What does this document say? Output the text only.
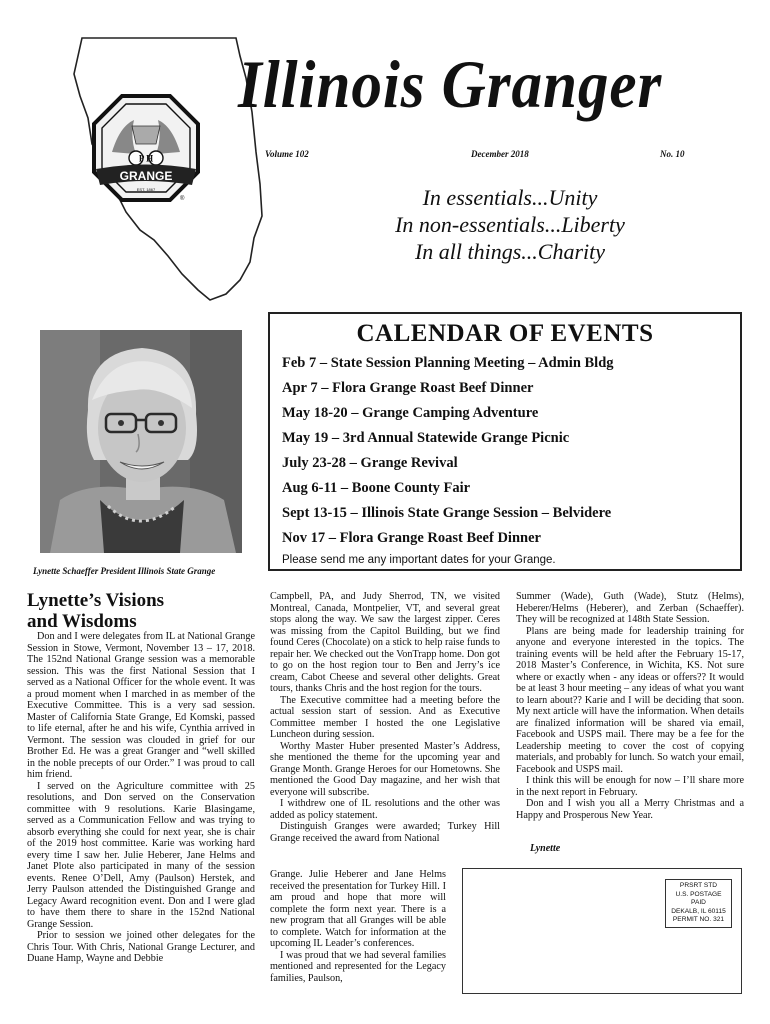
P H
GRANGE
EST. 1867
®
Illinois Granger
Volume 102	December 2018	No. 10
In essentials...Unity
In non-essentials...Liberty
In all things...Charity
Lynette Schaeffer President Illinois State Grange
CALENDAR OF EVENTS
Feb 7 – State Session Planning Meeting – Admin Bldg
Apr 7 – Flora Grange Roast Beef Dinner
May 18-20 – Grange Camping Adventure
May 19 – 3rd Annual Statewide Grange Picnic
July 23-28 – Grange Revival
Aug 6-11 – Boone County Fair
Sept 13-15 – Illinois State Grange Session – Belvidere
Nov 17 – Flora Grange Roast Beef Dinner
Please send me any important dates for your Grange.
Lynette’s Visions
and Wisdoms

Don and I were delegates from IL at National Grange Session in Stowe, Vermont, November 13 – 17, 2018. The 152nd National Grange session was a memorable session. This was the first National Session that I served as a National Officer for the whole event. It was a proud moment when I marched in as member of the Executive Committee. This is a very sad session. Master of California State Grange, Ed Komski, passed to life eternal, after he and his wife, Cynthia arrived in Vermont. The session was clouded in grief for our Brother Ed. He was a great Granger and “well skilled in the noble precepts of our Order.” I was proud to call him friend.

I served on the Agriculture committee with 25 resolutions, and Don served on the Conservation committee with 9 resolutions. Karie Blasingame, served as a Communication Fellow and was trying to absorb everything she could for next year, she is chair of the 2019 host committee. Karie was working hard every time I saw her. Julie Heberer, Jane Helms and Janet Plote also participated in many of the session events. Renee O’Dell, Amy (Paulson) Herstek, and Jerry Paulson attended the Distinguished Grange and Legacy Award recognition event. Don and I were glad to have them there to share in the 152nd National Grange Session.

Prior to session we joined other delegates for the Chris Tour. With Chris, National Grange Lecturer, and Duane Hamp, Wayne and Debbie

Campbell, PA, and Judy Sherrod, TN, we visited Montreal, Canada, Montpelier, VT, and several great stops along the way. We saw the largest zipper. Ceres was missing from the Capitol Building, but we find found Ceres (Chocolate) on a stick to help raise funds to repair her. We checked out the VonTrapp home. Don got to go on the host region tour to Ben and Jerry’s ice cream, Cabot Cheese and several other delights. Great tours, thanks Chris and the host region for the tours.

The Executive committee had a meeting before the actual session start of session. And as Executive Committee member I hosted the one Legislative Luncheon during session.

Worthy Master Huber presented Master’s Address, she mentioned the theme for the upcoming year and Grange Month. Grange Heroes for our Hometowns. She mentioned the Good Day magazine, and her wish that everyone will subscribe.

I withdrew one of IL resolutions and the other was added as policy statement.

Distinguish Granges were awarded; Turkey Hill Grange received the award from National

Grange. Julie Heberer and Jane Helms received the presentation for Turkey Hill. I am proud and hope that more will complete the form next year. There is a new program that all Granges will be able to complete. Watch for information at the upcoming IL Leader’s conferences.

I was proud that we had several families mentioned and represented for the Legacy families, Paulson,

Summer (Wade), Guth (Wade), Stutz (Helms), Heberer/Helms (Heberer), and Zerban (Schaeffer). They will be recognized at 148th State Session.

Plans are being made for leadership training for anyone and everyone interested in the topics. The training events will be held after the February 15-17, 2018 Master’s Conference, in Wichita, KS. Not sure where or exactly when - any ideas or offers?? It would be at least 3 hour meeting – any ideas of what you want to learn about?? Karie and I will be deciding that soon. My next article will have the information. When details are finalized information will be shared via email, Facebook and USPS mail. There may be a fee for the Leadership meeting to cover the cost of copying materials, and probably for lunch. So watch your email, Facebook and USPS mail.

I think this will be enough for now – I’ll share more in the next report in February.

Don and I wish you all a Merry Christmas and a Happy and Prosperous New Year.

Lynette
PRSRT STD
U.S. POSTAGE
PAID
DEKALB, IL 60115
PERMIT NO. 321
